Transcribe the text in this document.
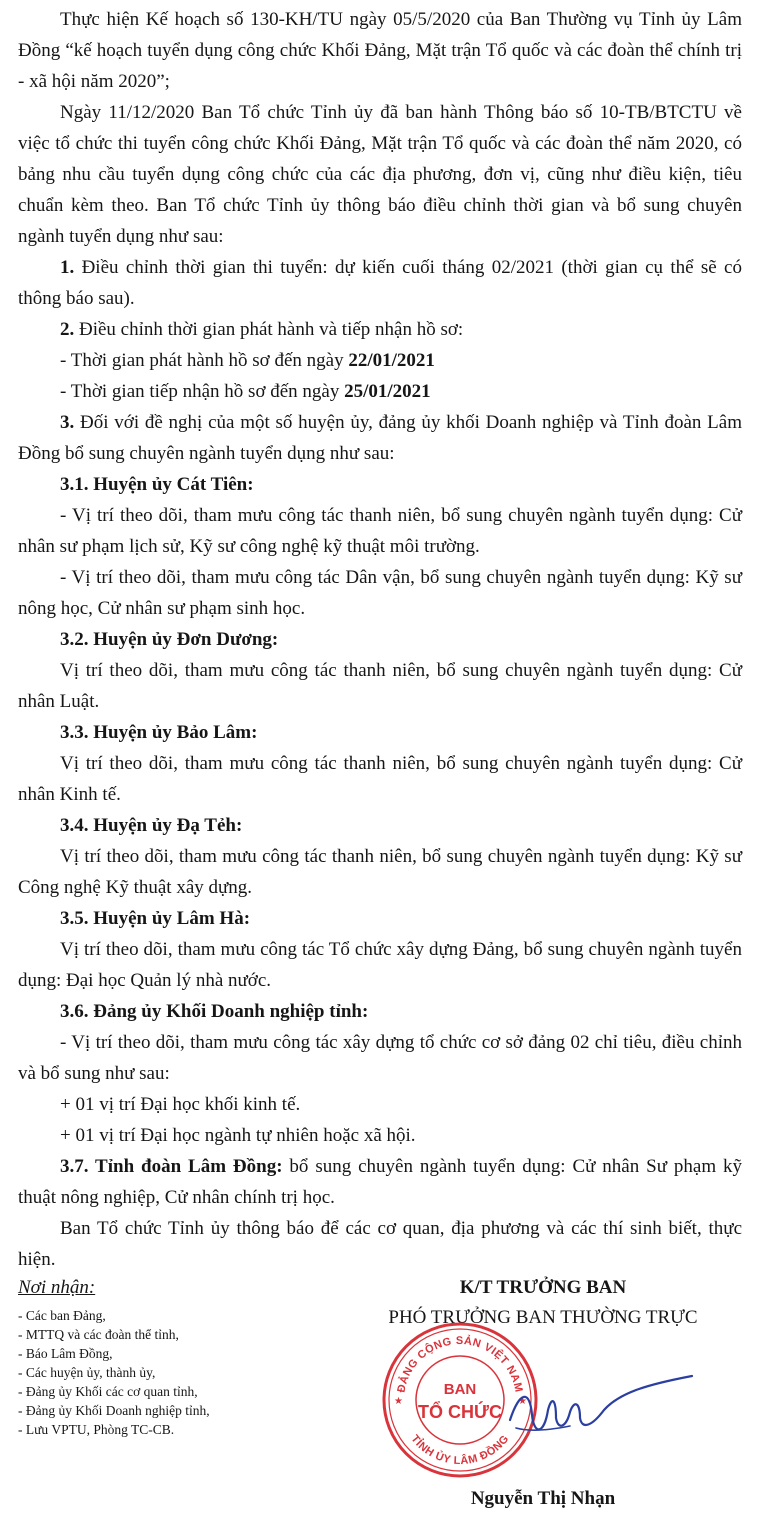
Thực hiện Kế hoạch số 130-KH/TU ngày 05/5/2020 của Ban Thường vụ Tỉnh ủy Lâm Đồng “kế hoạch tuyển dụng công chức Khối Đảng, Mặt trận Tổ quốc và các đoàn thể chính trị - xã hội năm 2020”;

Ngày 11/12/2020 Ban Tổ chức Tỉnh ủy đã ban hành Thông báo số 10-TB/BTCTU về việc tổ chức thi tuyển công chức Khối Đảng, Mặt trận Tổ quốc và các đoàn thể năm 2020, có bảng nhu cầu tuyển dụng công chức của các địa phương, đơn vị, cũng như điều kiện, tiêu chuẩn kèm theo. Ban Tổ chức Tỉnh ủy thông báo điều chỉnh thời gian và bổ sung chuyên ngành tuyển dụng như sau:

1. Điều chỉnh thời gian thi tuyển: dự kiến cuối tháng 02/2021 (thời gian cụ thể sẽ có thông báo sau).

2. Điều chỉnh thời gian phát hành và tiếp nhận hồ sơ:

- Thời gian phát hành hồ sơ đến ngày 22/01/2021

- Thời gian tiếp nhận hồ sơ đến ngày 25/01/2021

3. Đối với đề nghị của một số huyện ủy, đảng ủy khối Doanh nghiệp và Tỉnh đoàn Lâm Đồng bổ sung chuyên ngành tuyển dụng như sau:

3.1. Huyện ủy Cát Tiên:

- Vị trí theo dõi, tham mưu công tác thanh niên, bổ sung chuyên ngành tuyển dụng: Cử nhân sư phạm lịch sử, Kỹ sư công nghệ kỹ thuật môi trường.

- Vị trí theo dõi, tham mưu công tác Dân vận, bổ sung chuyên ngành tuyển dụng: Kỹ sư nông học, Cử nhân sư phạm sinh học.

3.2. Huyện ủy Đơn Dương:

Vị trí theo dõi, tham mưu công tác thanh niên, bổ sung chuyên ngành tuyển dụng: Cử nhân Luật.

3.3. Huyện ủy Bảo Lâm:

Vị trí theo dõi, tham mưu công tác thanh niên, bổ sung chuyên ngành tuyển dụng: Cử nhân Kinh tế.

3.4. Huyện ủy Đạ Tẻh:

Vị trí theo dõi, tham mưu công tác thanh niên, bổ sung chuyên ngành tuyển dụng: Kỹ sư Công nghệ Kỹ thuật xây dựng.

3.5. Huyện ủy Lâm Hà:

Vị trí theo dõi, tham mưu công tác Tổ chức xây dựng Đảng, bổ sung chuyên ngành tuyển dụng: Đại học Quản lý nhà nước.

3.6. Đảng ủy Khối Doanh nghiệp tỉnh:

- Vị trí theo dõi, tham mưu công tác xây dựng tổ chức cơ sở đảng 02 chỉ tiêu, điều chỉnh và bổ sung như sau:

+ 01 vị trí Đại học khối kinh tế.

+ 01 vị trí Đại học ngành tự nhiên hoặc xã hội.

3.7. Tỉnh đoàn Lâm Đồng: bổ sung chuyên ngành tuyển dụng: Cử nhân Sư phạm kỹ thuật nông nghiệp, Cử nhân chính trị học.

Ban Tổ chức Tỉnh ủy thông báo để các cơ quan, địa phương và các thí sinh biết, thực hiện.

Nơi nhận:
- Các ban Đảng,
- MTTQ và các đoàn thể tỉnh,
- Báo Lâm Đồng,
- Các huyện ủy, thành ủy,
- Đảng ủy Khối các cơ quan tỉnh,
- Đảng ủy Khối Doanh nghiệp tỉnh,
- Lưu VPTU, Phòng TC-CB.
K/T TRƯỞNG BAN
PHÓ TRƯỞNG BAN THƯỜNG TRỰC
ĐẢNG CỘNG SẢN VIỆT NAM
TỈNH ỦY LÂM ĐỒNG
★	★
BAN
TỔ CHỨC
Nguyễn Thị Nhạn
